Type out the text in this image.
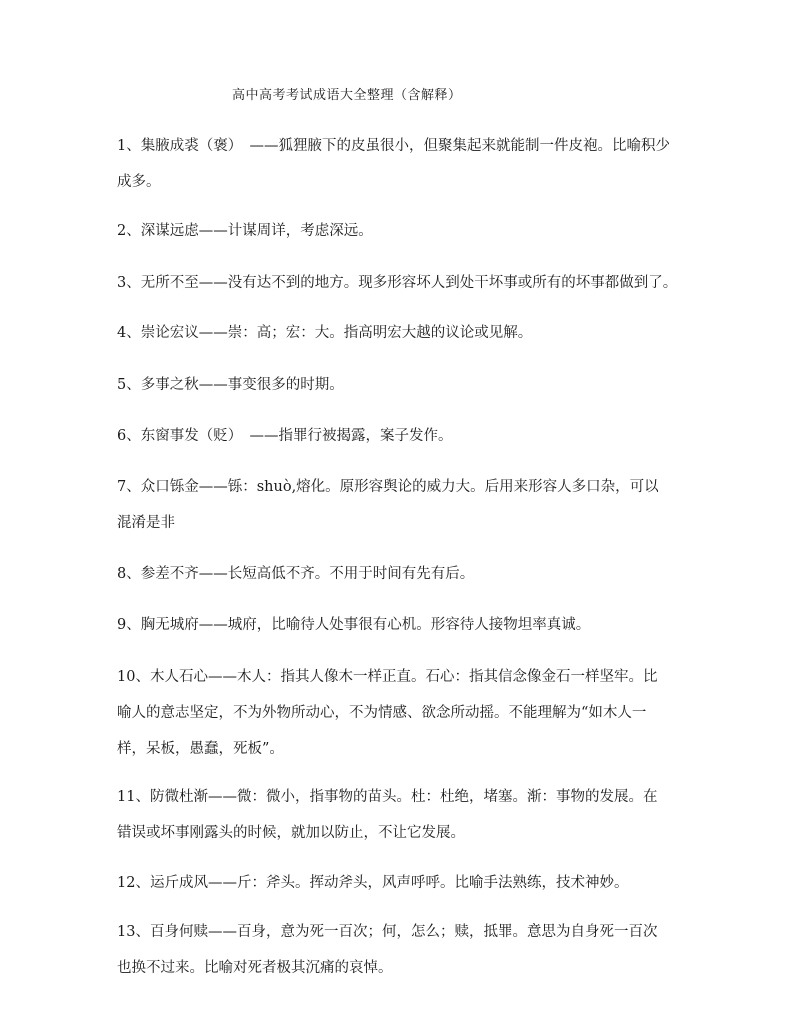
高中高考考试成语大全整理（含解释）
1、集腋成裘（褒）　——狐狸腋下的皮虽很小，但聚集起来就能制一件皮袍。比喻积少
成多。
2、深谋远虑——计谋周详，考虑深远。
3、无所不至——没有达不到的地方。现多形容坏人到处干坏事或所有的坏事都做到了。
4、崇论宏议——崇：高；宏：大。指高明宏大越的议论或见解。
5、多事之秋——事变很多的时期。
6、东窗事发（贬）　——指罪行被揭露，案子发作。
7、众口铄金——铄：shuò,熔化。原形容舆论的威力大。后用来形容人多口杂，可以
混淆是非
8、参差不齐——长短高低不齐。不用于时间有先有后。
9、胸无城府——城府，比喻待人处事很有心机。形容待人接物坦率真诚。
10、木人石心——木人：指其人像木一样正直。石心：指其信念像金石一样坚牢。比
喻人的意志坚定，不为外物所动心，不为情感、欲念所动摇。不能理解为“如木人一
样，呆板，愚蠢，死板”。
11、防微杜渐——微：微小，指事物的苗头。杜：杜绝，堵塞。渐：事物的发展。在
错误或坏事刚露头的时候，就加以防止，不让它发展。
12、运斤成风——斤：斧头。挥动斧头，风声呼呼。比喻手法熟练，技术神妙。
13、百身何赎——百身，意为死一百次；何，怎么；赎，抵罪。意思为自身死一百次
也换不过来。比喻对死者极其沉痛的哀悼。
